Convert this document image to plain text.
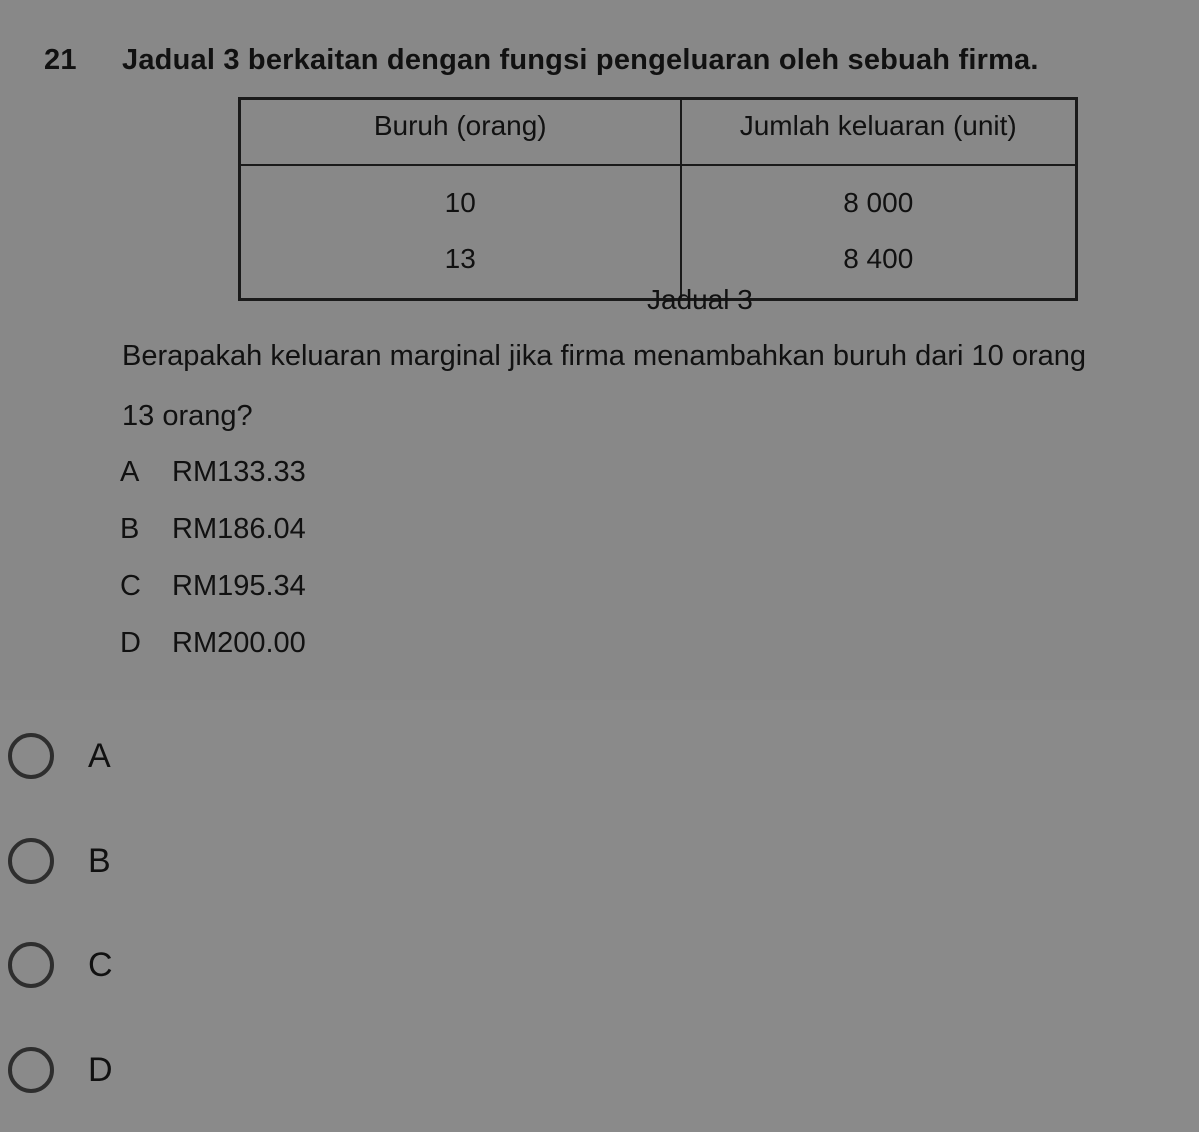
21 Jadual 3 berkaitan dengan fungsi pengeluaran oleh sebuah firma.
Buruh (orang)	Jumlah keluaran (unit)
10	8 000
13	8 400
Jadual 3
Berapakah keluaran marginal jika firma menambahkan buruh dari 10 orang
13 orang?
A RM133.33
B RM186.04
C RM195.34
D RM200.00
A
B
C
D
